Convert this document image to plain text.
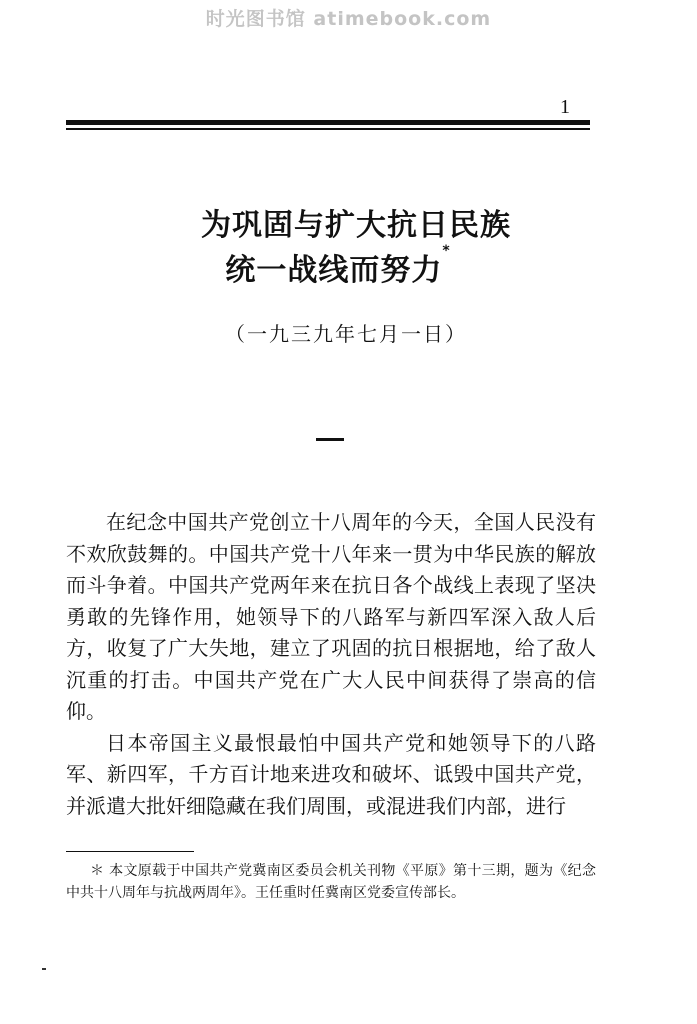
时光图书馆 atimebook.com
1
为巩固与扩大抗日民族
统一战线而努力*
（一九三九年七月一日）

在纪念中国共产党创立十八周年的今天，全国人民没有不欢欣鼓舞的。中国共产党十八年来一贯为中华民族的解放而斗争着。中国共产党两年来在抗日各个战线上表现了坚决勇敢的先锋作用，她领导下的八路军与新四军深入敌人后方，收复了广大失地，建立了巩固的抗日根据地，给了敌人沉重的打击。中国共产党在广大人民中间获得了崇高的信仰。

日本帝国主义最恨最怕中国共产党和她领导下的八路军、新四军，千方百计地来进攻和破坏、诋毁中国共产党，并派遣大批奸细隐藏在我们周围，或混进我们内部，进行

＊ 本文原载于中国共产党冀南区委员会机关刊物《平原》第十三期，题为《纪念中共十八周年与抗战两周年》。王任重时任冀南区党委宣传部长。
